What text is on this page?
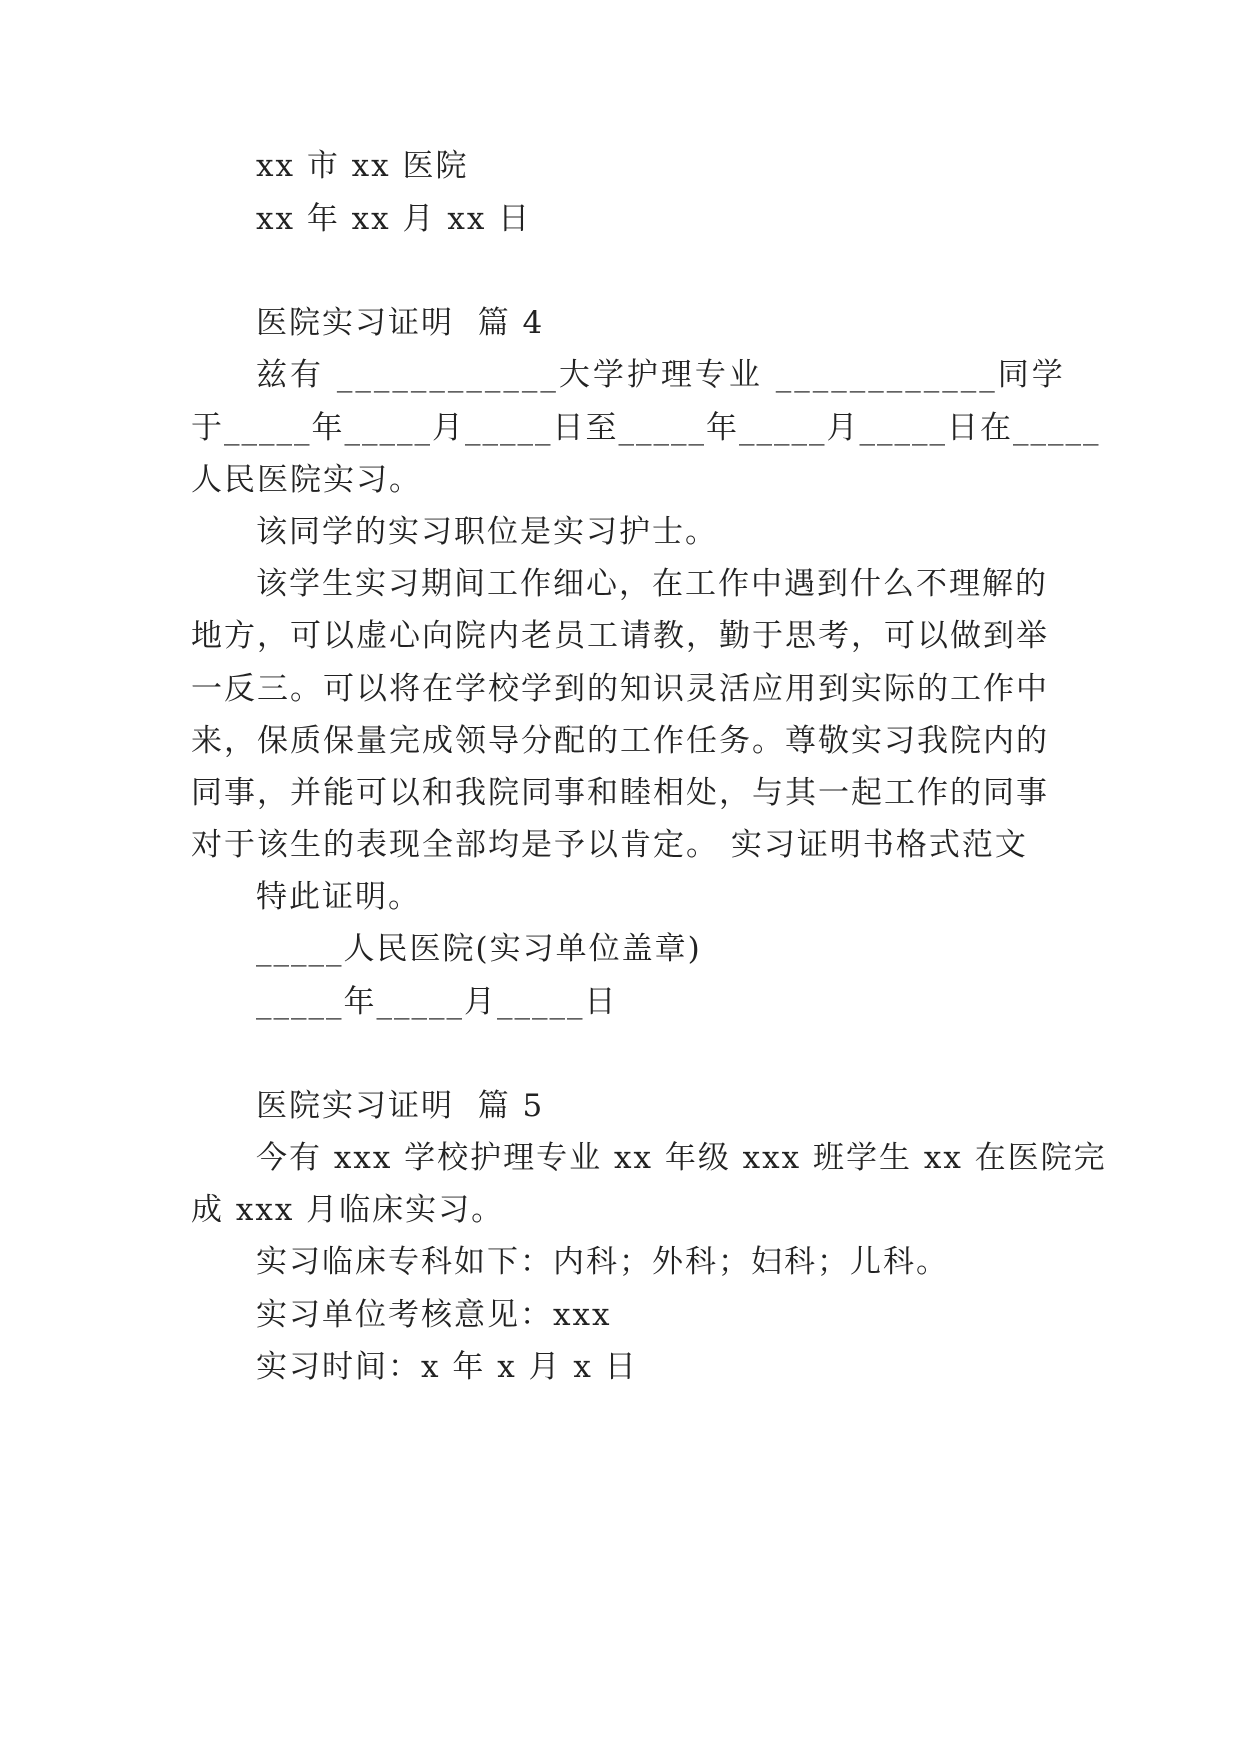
xx 市 xx 医院
xx 年 xx 月 xx 日
医院实习证明  篇 4
兹有 ____________大学护理专业 ____________同学
于_____年_____月_____日至_____年_____月_____日在_____
人民医院实习。
该同学的实习职位是实习护士。
该学生实习期间工作细心，在工作中遇到什么不理解的
地方，可以虚心向院内老员工请教，勤于思考，可以做到举
一反三。可以将在学校学到的知识灵活应用到实际的工作中
来，保质保量完成领导分配的工作任务。尊敬实习我院内的
同事，并能可以和我院同事和睦相处，与其一起工作的同事
对于该生的表现全部均是予以肯定。 实习证明书格式范文
特此证明。
_____人民医院(实习单位盖章)
_____年_____月_____日
医院实习证明  篇 5
今有 xxx 学校护理专业 xx 年级 xxx 班学生 xx 在医院完
成 xxx 月临床实习。
实习临床专科如下：内科；外科；妇科；儿科。
实习单位考核意见：xxx
实习时间：x 年 x 月 x 日
